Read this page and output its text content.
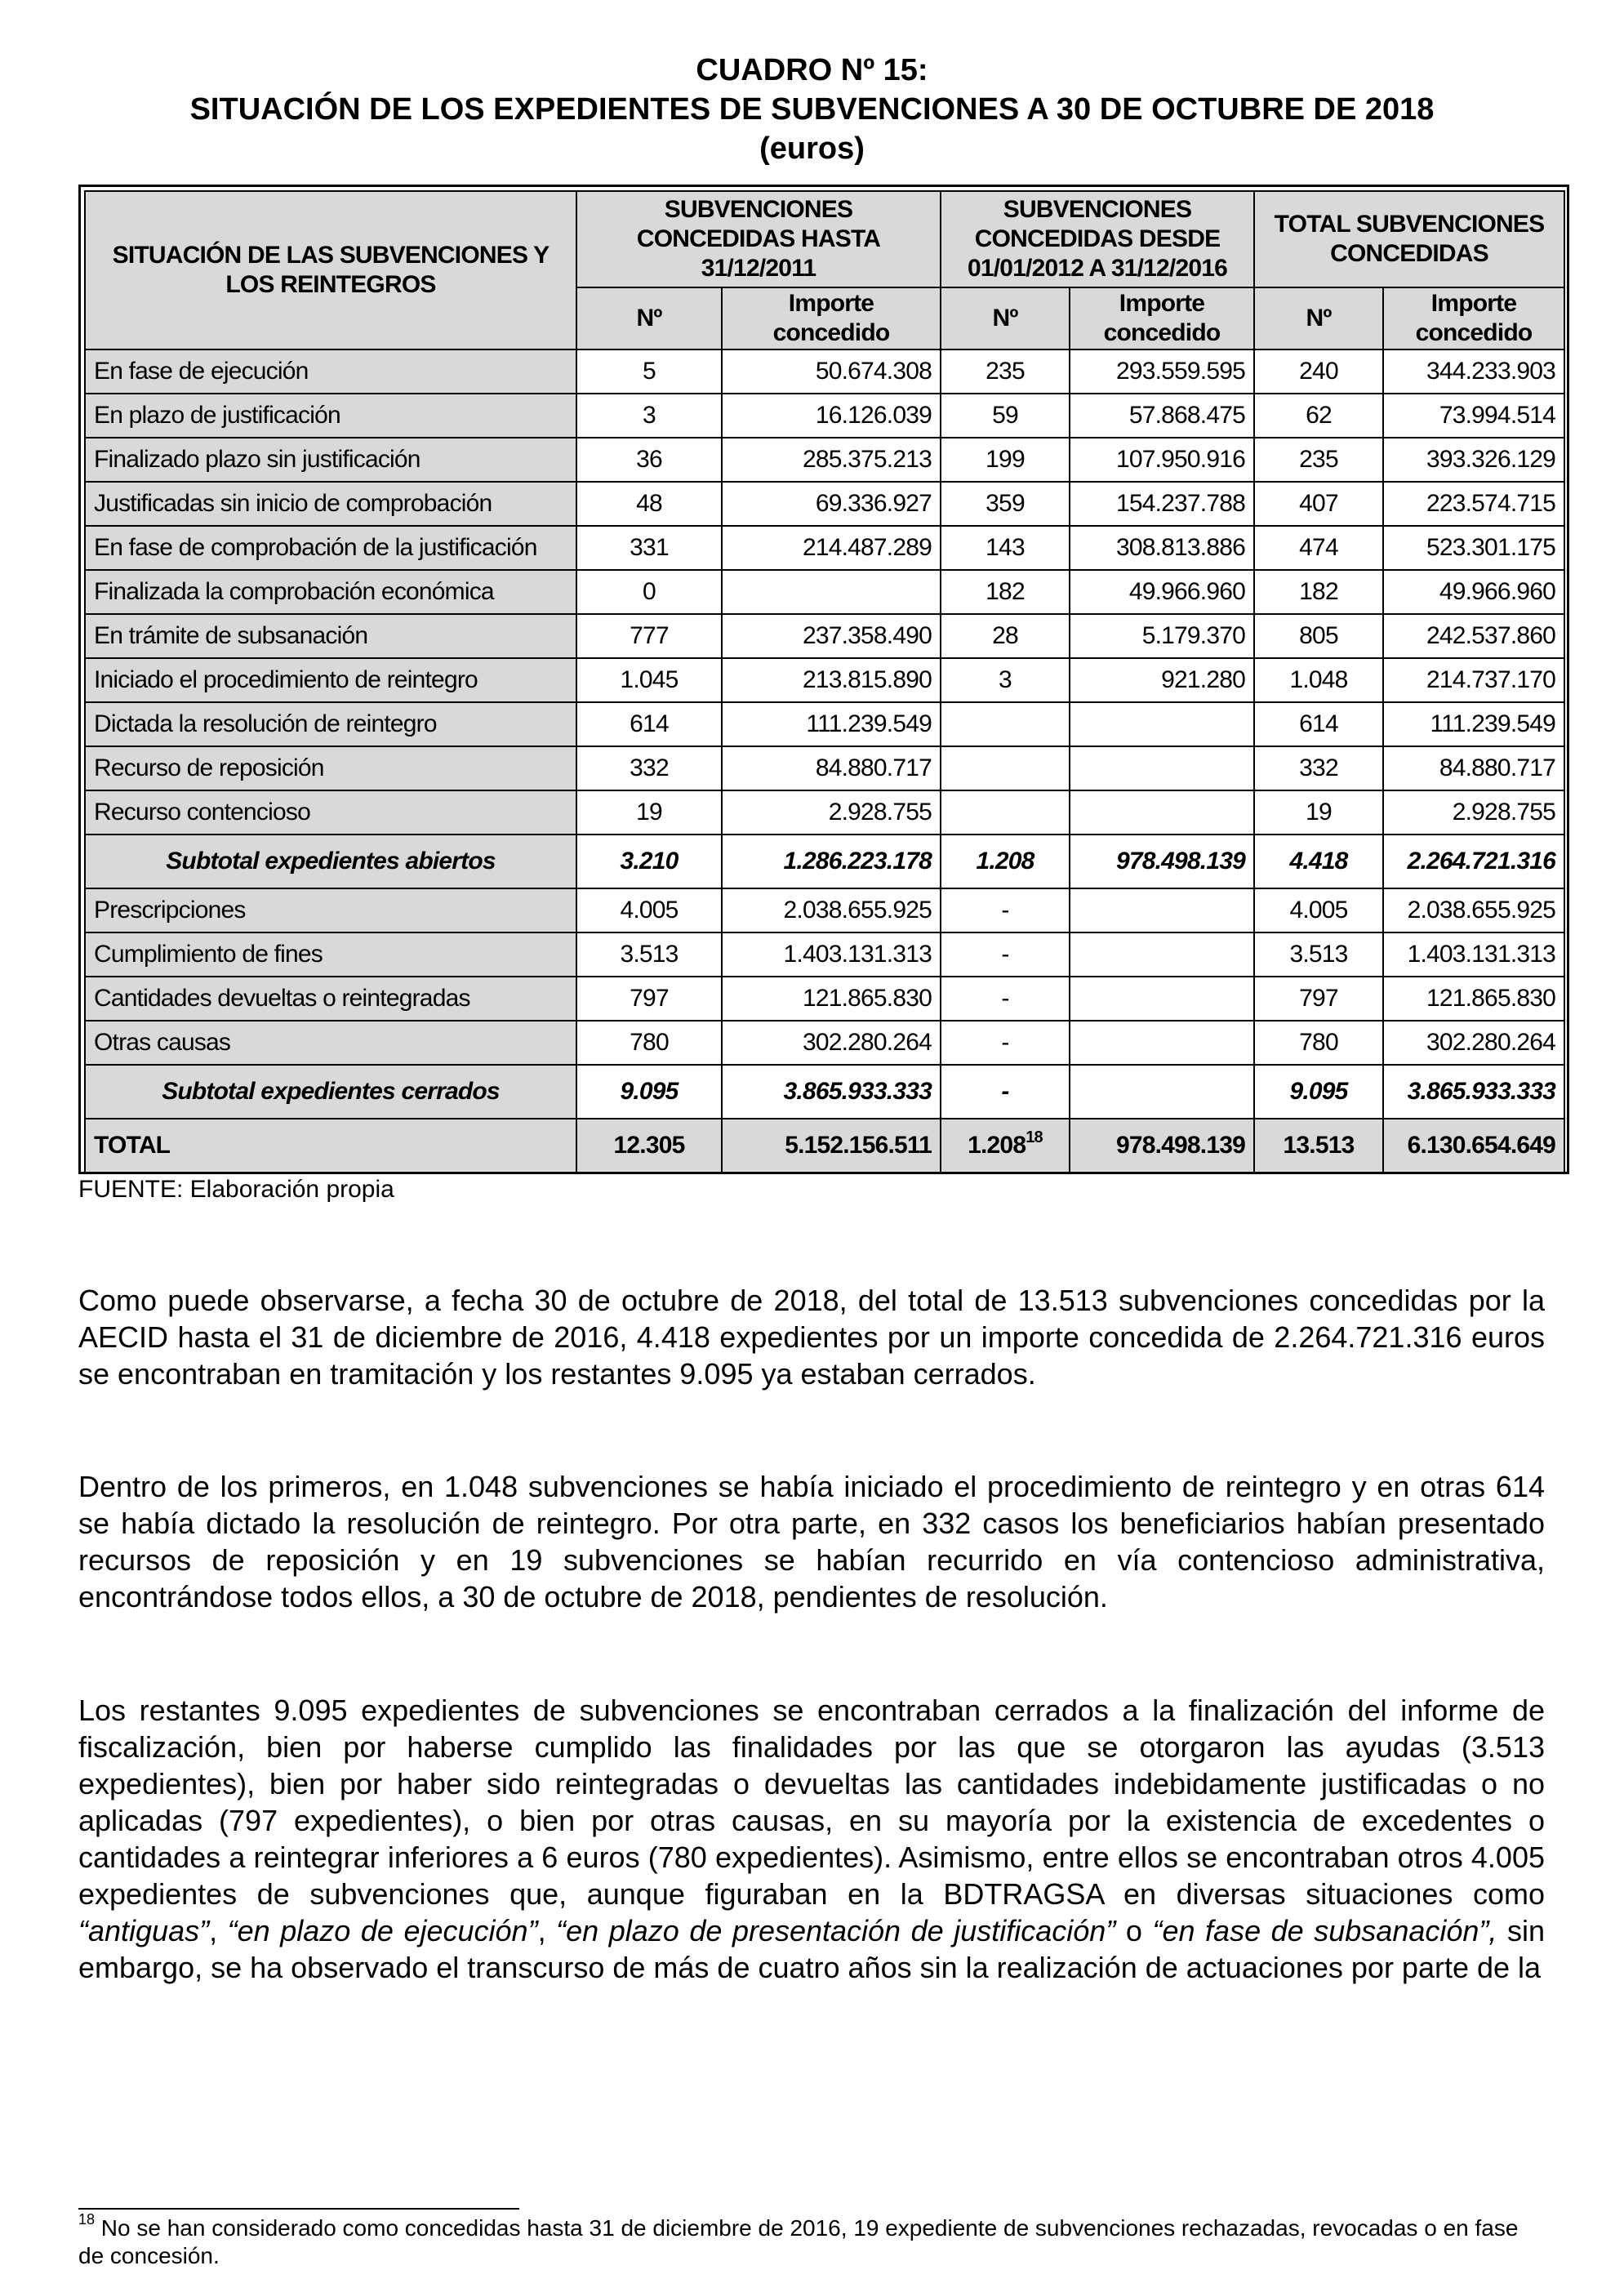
CUADRO Nº 15:
SITUACIÓN DE LOS EXPEDIENTES DE SUBVENCIONES A 30 DE OCTUBRE DE 2018
(euros)
SITUACIÓN DE LAS SUBVENCIONES Y LOS REINTEGROS	SUBVENCIONES CONCEDIDAS HASTA 31/12/2011		SUBVENCIONES CONCEDIDAS DESDE 01/01/2012 A 31/12/2016		TOTAL SUBVENCIONES CONCEDIDAS	
	Nº	Importe concedido	Nº	Importe concedido	Nº	Importe concedido
En fase de ejecución	5	50.674.308	235	293.559.595	240	344.233.903
En plazo de justificación	3	16.126.039	59	57.868.475	62	73.994.514
Finalizado plazo sin justificación	36	285.375.213	199	107.950.916	235	393.326.129
Justificadas sin inicio de comprobación	48	69.336.927	359	154.237.788	407	223.574.715
En fase de comprobación de la justificación	331	214.487.289	143	308.813.886	474	523.301.175
Finalizada la comprobación económica	0		182	49.966.960	182	49.966.960
En trámite de subsanación	777	237.358.490	28	5.179.370	805	242.537.860
Iniciado el procedimiento de reintegro	1.045	213.815.890	3	921.280	1.048	214.737.170
Dictada la resolución de reintegro	614	111.239.549			614	111.239.549
Recurso de reposición	332	84.880.717			332	84.880.717
Recurso contencioso	19	2.928.755			19	2.928.755
Subtotal expedientes abiertos	3.210	1.286.223.178	1.208	978.498.139	4.418	2.264.721.316
Prescripciones	4.005	2.038.655.925	-		4.005	2.038.655.925
Cumplimiento de fines	3.513	1.403.131.313	-		3.513	1.403.131.313
Cantidades devueltas o reintegradas	797	121.865.830	-		797	121.865.830
Otras causas	780	302.280.264	-		780	302.280.264
Subtotal expedientes cerrados	9.095	3.865.933.333	-		9.095	3.865.933.333
TOTAL	12.305	5.152.156.511	1.208$^{18}$	978.498.139	13.513	6.130.654.649
FUENTE: Elaboración propia
Como puede observarse, a fecha 30 de octubre de 2018, del total de 13.513 subvenciones concedidas por la AECID hasta el 31 de diciembre de 2016, 4.418 expedientes por un importe concedida de 2.264.721.316 euros se encontraban en tramitación y los restantes 9.095 ya estaban cerrados.
Dentro de los primeros, en 1.048 subvenciones se había iniciado el procedimiento de reintegro y en otras 614 se había dictado la resolución de reintegro. Por otra parte, en 332 casos los beneficiarios habían presentado recursos de reposición y en 19 subvenciones se habían recurrido en vía contencioso administrativa, encontrándose todos ellos, a 30 de octubre de 2018, pendientes de resolución.
Los restantes 9.095 expedientes de subvenciones se encontraban cerrados a la finalización del informe de fiscalización, bien por haberse cumplido las finalidades por las que se otorgaron las ayudas (3.513 expedientes), bien por haber sido reintegradas o devueltas las cantidades indebidamente justificadas o no aplicadas (797 expedientes), o bien por otras causas, en su mayoría por la existencia de excedentes o cantidades a reintegrar inferiores a 6 euros (780 expedientes). Asimismo, entre ellos se encontraban otros 4.005 expedientes de subvenciones que, aunque figuraban en la BDTRAGSA en diversas situaciones como “antiguas”, “en plazo de ejecución”, “en plazo de presentación de justificación” o “en fase de subsanación”, sin embargo, se ha observado el transcurso de más de cuatro años sin la realización de actuaciones por parte de la
$^{18}$ No se han considerado como concedidas hasta 31 de diciembre de 2016, 19 expediente de subvenciones rechazadas, revocadas o en fase de concesión.
